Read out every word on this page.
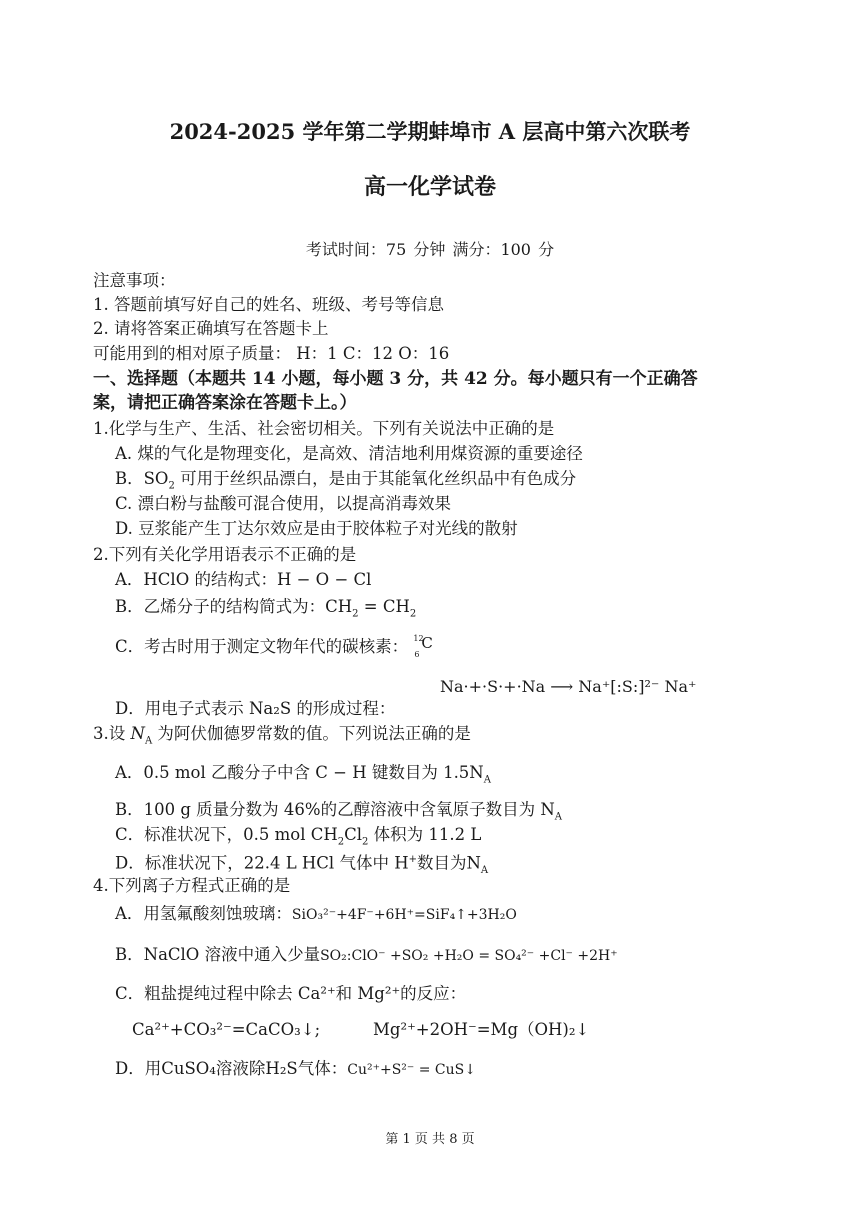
2024-2025 学年第二学期蚌埠市 A 层高中第六次联考
高一化学试卷
考试时间：75 分钟 满分：100 分
注意事项：
1. 答题前填写好自己的姓名、班级、考号等信息
2. 请将答案正确填写在答题卡上
可能用到的相对原子质量： H：1 C：12 O：16
一、选择题（本题共 14 小题，每小题 3 分，共 42 分。每小题只有一个正确答
案，请把正确答案涂在答题卡上。）
1.化学与生产、生活、社会密切相关。下列有关说法中正确的是
A. 煤的气化是物理变化，是高效、清洁地利用煤资源的重要途径
B．$SO_2$ 可用于丝织品漂白，是由于其能氧化丝织品中有色成分
C. 漂白粉与盐酸可混合使用，以提高消毒效果
D. 豆浆能产生丁达尔效应是由于胶体粒子对光线的散射
2.下列有关化学用语表示不正确的是
A．HClO 的结构式：H − O − Cl
B．乙烯分子的结构简式为：$CH_2 = CH_2$
C．考古时用于测定文物年代的碳核素： 12
6
C
D．用电子式表示 Na₂S 的形成过程：
Na·+·S·+·Na ⟶ Na⁺[:S:]²⁻ Na⁺
3.设 $N_A$ 为阿伏伽德罗常数的值。下列说法正确的是
A．0.5 mol 乙酸分子中含 C − H 键数目为 $1.5N_A$
B．100 g 质量分数为 46%的乙醇溶液中含氧原子数目为 $N_A$
C．标准状况下，0.5 mol $CH_2Cl_2$ 体积为 11.2 L
D．标准状况下，22.4 L HCl 气体中 H+数目为$N_A$
4.下列离子方程式正确的是
A．用氢氟酸刻蚀玻璃：SiO₃²⁻+4F⁻+6H⁺=SiF₄↑+3H₂O
B．NaClO 溶液中通入少量SO₂:ClO⁻ +SO₂ +H₂O = SO₄²⁻ +Cl⁻ +2H⁺
C．粗盐提纯过程中除去 Ca²⁺和 Mg²⁺的反应：
Ca²⁺+CO₃²⁻=CaCO₃↓;	Mg²⁺+2OH⁻=Mg（OH)₂↓
D．用CuSO₄溶液除H₂S气体：Cu²⁺+S²⁻ = CuS↓
第 1 页 共 8 页
